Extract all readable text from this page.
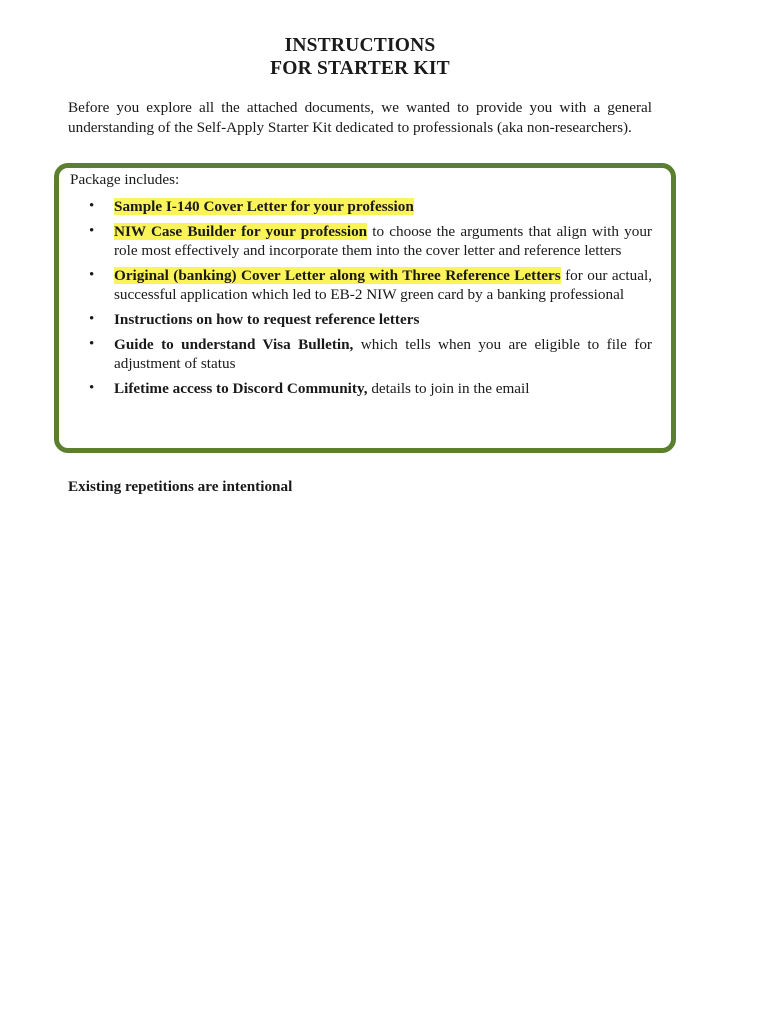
INSTRUCTIONS
FOR STARTER KIT
Before you explore all the attached documents, we wanted to provide you with a general understanding of the Self-Apply Starter Kit dedicated to professionals (aka non-researchers).
Package includes:
• Sample I-140 Cover Letter for your profession
• NIW Case Builder for your profession to choose the arguments that align with your role most effectively and incorporate them into the cover letter and reference letters
• Original (banking) Cover Letter along with Three Reference Letters for our actual, successful application which led to EB-2 NIW green card by a banking professional
• Instructions on how to request reference letters
• Guide to understand Visa Bulletin, which tells when you are eligible to file for adjustment of status
• Lifetime access to Discord Community, details to join in the email
Existing repetitions are intentional
